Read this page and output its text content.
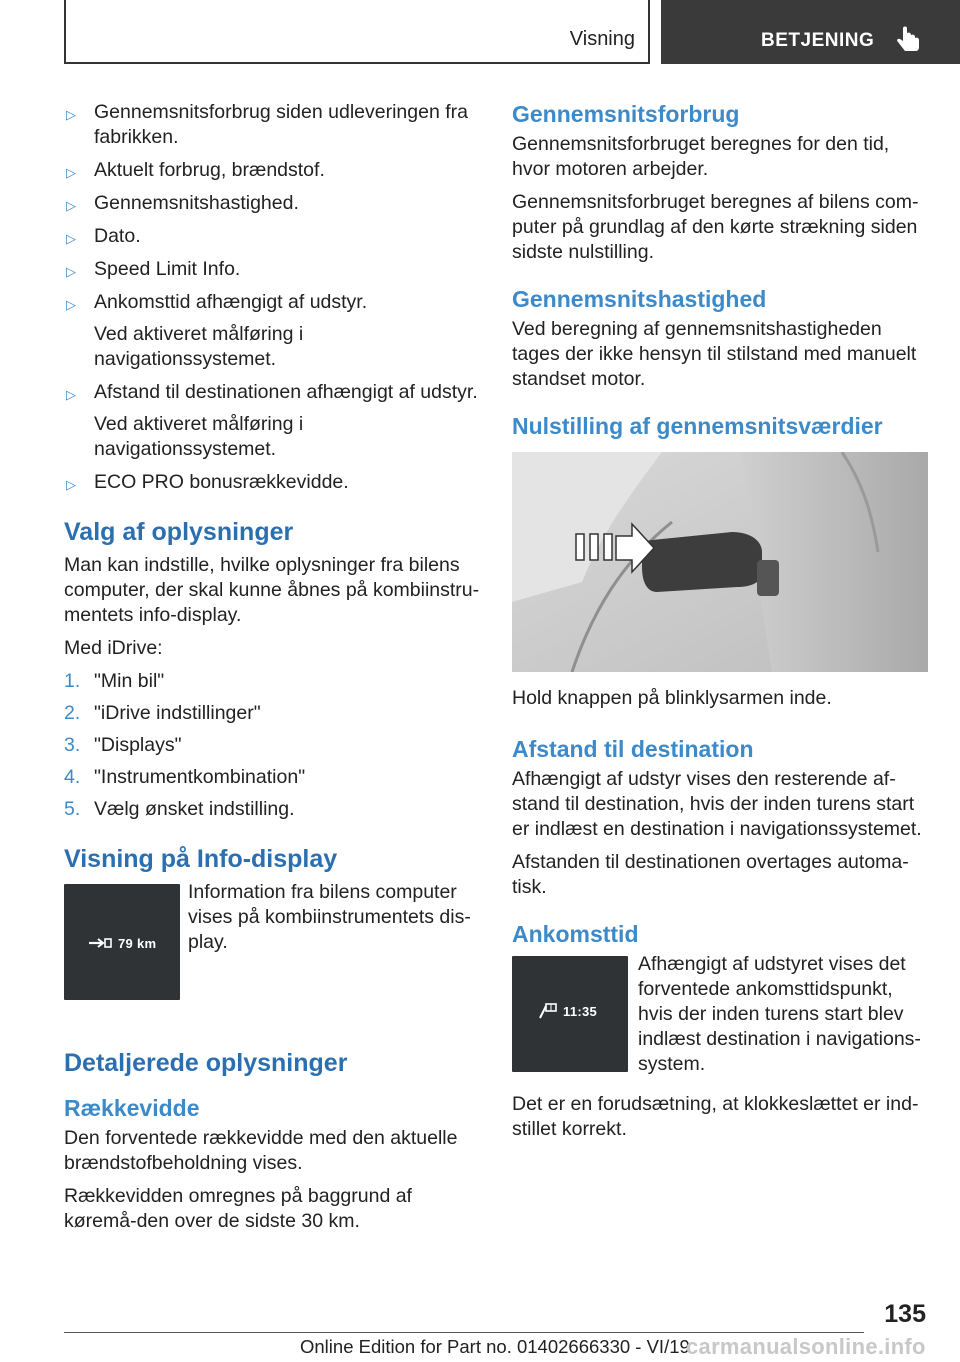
Visning	BETJENING
▷ Gennemsnitsforbrug siden udleveringen fra fabrikken.
▷ Aktuelt forbrug, brændstof.
▷ Gennemsnitshastighed.
▷ Dato.
▷ Speed Limit Info.
▷ Ankomsttid afhængigt af udstyr.
Ved aktiveret målføring i navigationssystemet.
▷ Afstand til destinationen afhængigt af udstyr.
Ved aktiveret målføring i navigationssystemet.
▷ ECO PRO bonusrækkevidde.
Valg af oplysninger

Man kan indstille, hvilke oplysninger fra bilens computer, der skal kunne åbnes på kombiinstru-mentets info-display.

Med iDrive:

1. "Min bil"
2. "iDrive indstillinger"
3. "Displays"
4. "Instrumentkombination"
5. Vælg ønsket indstilling.
Visning på Info-display
79 km

Information fra bilens computer vises på kombiinstrumentets dis-play.

Detaljerede oplysninger
Rækkevidde

Den forventede rækkevidde med den aktuelle brændstofbeholdning vises.

Rækkevidden omregnes på baggrund af køremå-den over de sidste 30 km.

Gennemsnitsforbrug

Gennemsnitsforbruget beregnes for den tid, hvor motoren arbejder.

Gennemsnitsforbruget beregnes af bilens com-puter på grundlag af den kørte strækning siden sidste nulstilling.

Gennemsnitshastighed

Ved beregning af gennemsnitshastigheden tages der ikke hensyn til stilstand med manuelt standset motor.

Nulstilling af gennemsnitsværdier

Hold knappen på blinklysarmen inde.

Afstand til destination

Afhængigt af udstyr vises den resterende af-stand til destination, hvis der inden turens start er indlæst en destination i navigationssystemet.

Afstanden til destinationen overtages automa-tisk.

Ankomsttid
11:35

Afhængigt af udstyret vises det forventede ankomsttidspunkt, hvis der inden turens start blev indlæst destination i navigations-system.

Det er en forudsætning, at klokkeslættet er ind-stillet korrekt.

135
Online Edition for Part no. 01402666330 - VI/19
carmanualsonline.info
